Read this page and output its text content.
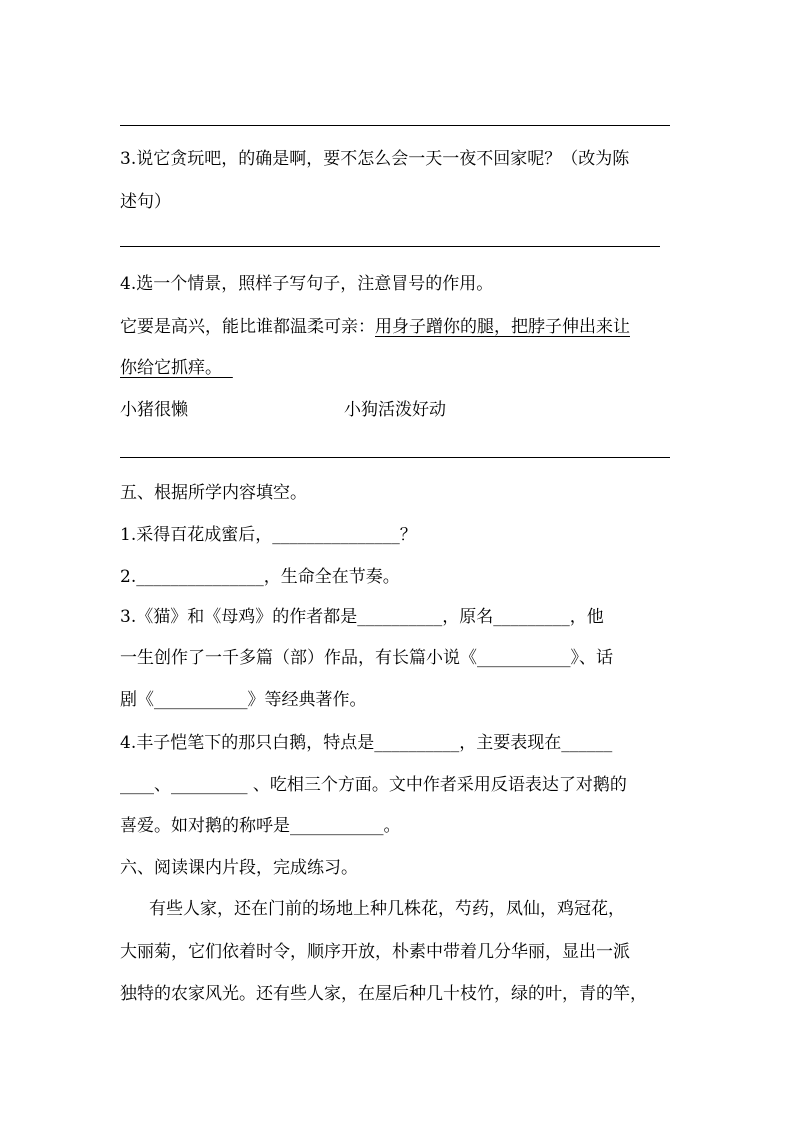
3.说它贪玩吧，的确是啊，要不怎么会一天一夜不回家呢？（改为陈
述句）
4.选一个情景，照样子写句子，注意冒号的作用。
它要是高兴，能比谁都温柔可亲：用身子蹭你的腿，把脖子伸出来让
你给它抓痒。
小猪很懒	小狗活泼好动
五、根据所学内容填空。
1.采得百花成蜜后，_______________？
2._______________，生命全在节奏。
3.《猫》和《母鸡》的作者都是__________，原名_________，他
一生创作了一千多篇（部）作品，有长篇小说《___________》、话
剧《___________》等经典著作。
4.丰子恺笔下的那只白鹅，特点是__________，主要表现在______
____、_________ 、吃相三个方面。文中作者采用反语表达了对鹅的
喜爱。如对鹅的称呼是___________。
六、阅读课内片段，完成练习。
有些人家，还在门前的场地上种几株花，芍药，凤仙，鸡冠花，
大丽菊，它们依着时令，顺序开放，朴素中带着几分华丽，显出一派
独特的农家风光。还有些人家，在屋后种几十枝竹，绿的叶，青的竿，
